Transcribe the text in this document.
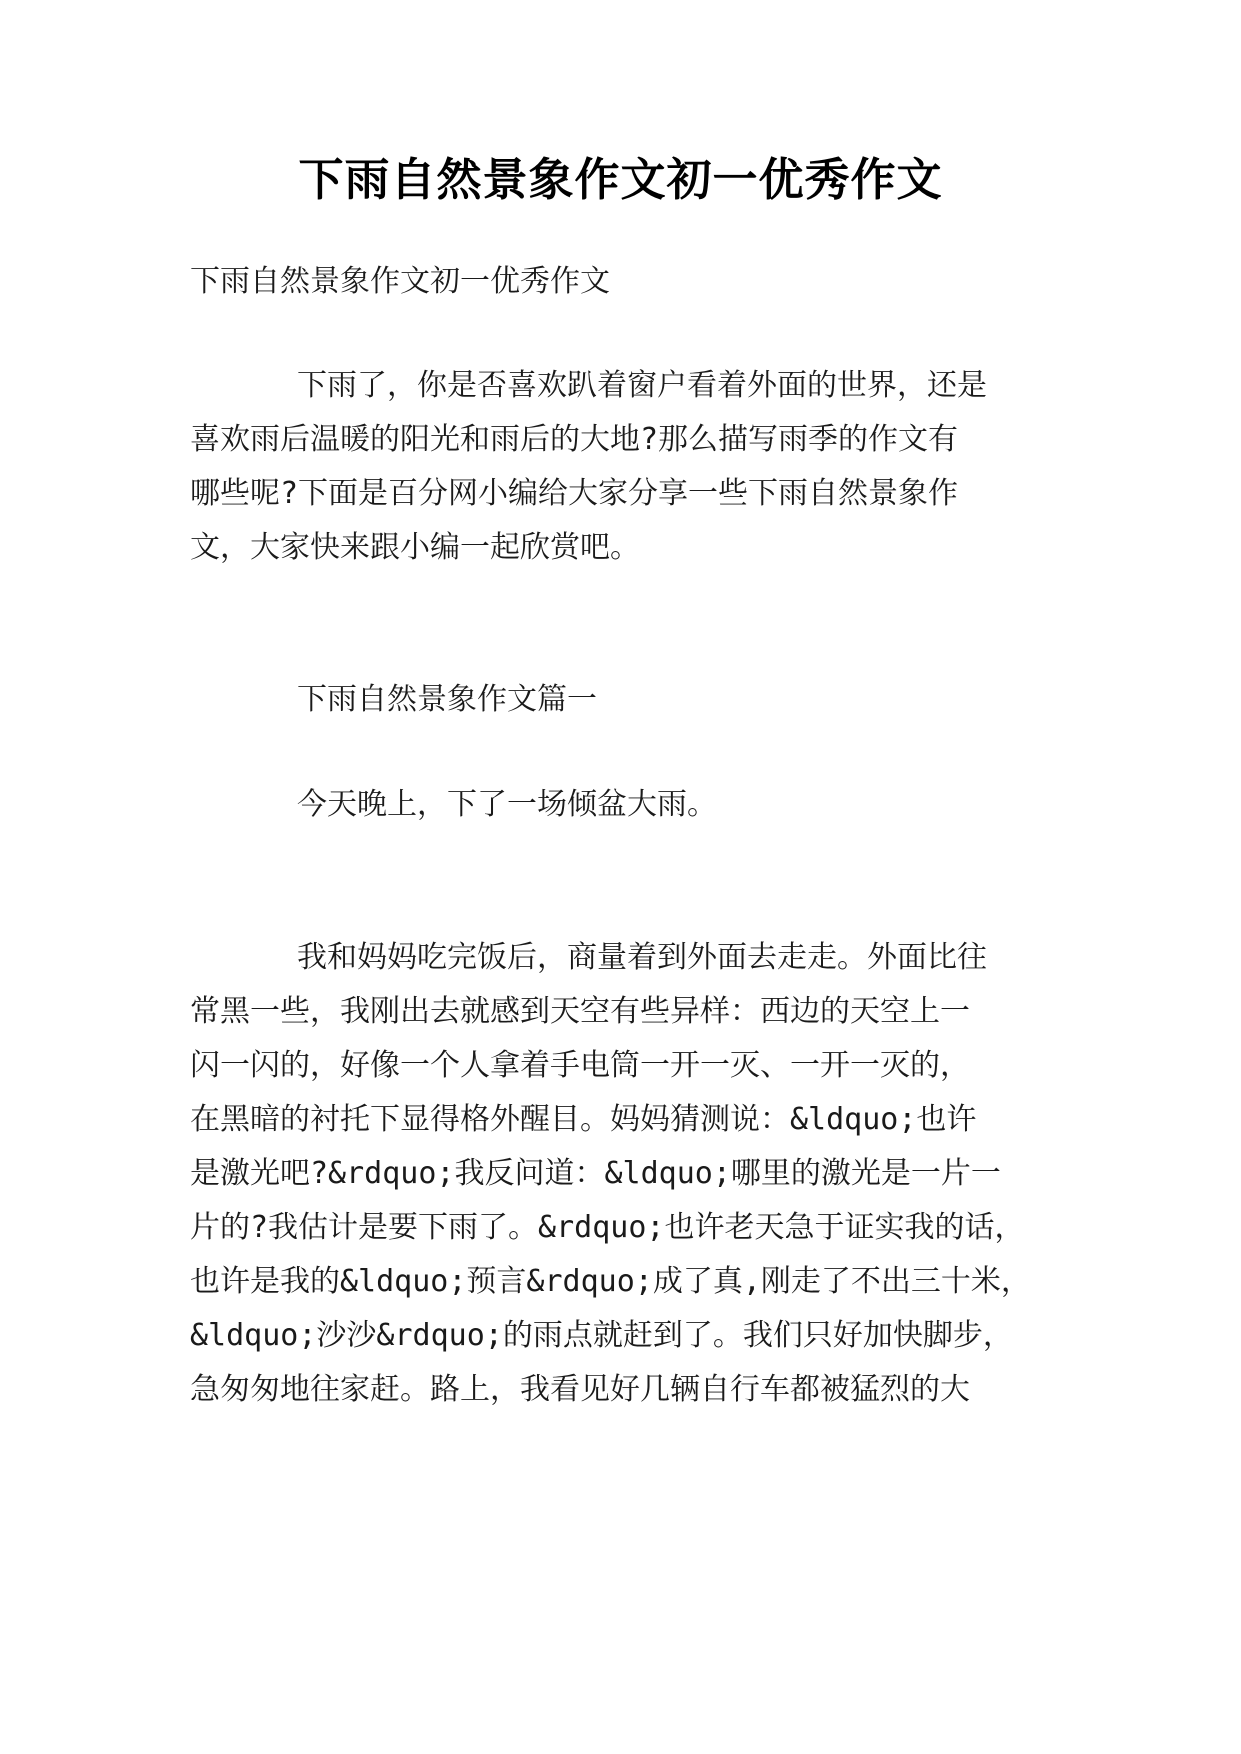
下雨自然景象作文初一优秀作文
下雨自然景象作文初一优秀作文
下雨了，你是否喜欢趴着窗户看着外面的世界，还是
喜欢雨后温暖的阳光和雨后的大地?那么描写雨季的作文有
哪些呢?下面是百分网小编给大家分享一些下雨自然景象作
文，大家快来跟小编一起欣赏吧。
下雨自然景象作文篇一
今天晚上，下了一场倾盆大雨。
我和妈妈吃完饭后，商量着到外面去走走。外面比往
常黑一些，我刚出去就感到天空有些异样：西边的天空上一
闪一闪的，好像一个人拿着手电筒一开一灭、一开一灭的，
在黑暗的衬托下显得格外醒目。妈妈猜测说：&ldquo;也许
是激光吧?&rdquo;我反问道：&ldquo;哪里的激光是一片一
片的?我估计是要下雨了。&rdquo;也许老天急于证实我的话，
也许是我的&ldquo;预言&rdquo;成了真,刚走了不出三十米，
&ldquo;沙沙&rdquo;的雨点就赶到了。我们只好加快脚步，
急匆匆地往家赶。路上，我看见好几辆自行车都被猛烈的大
